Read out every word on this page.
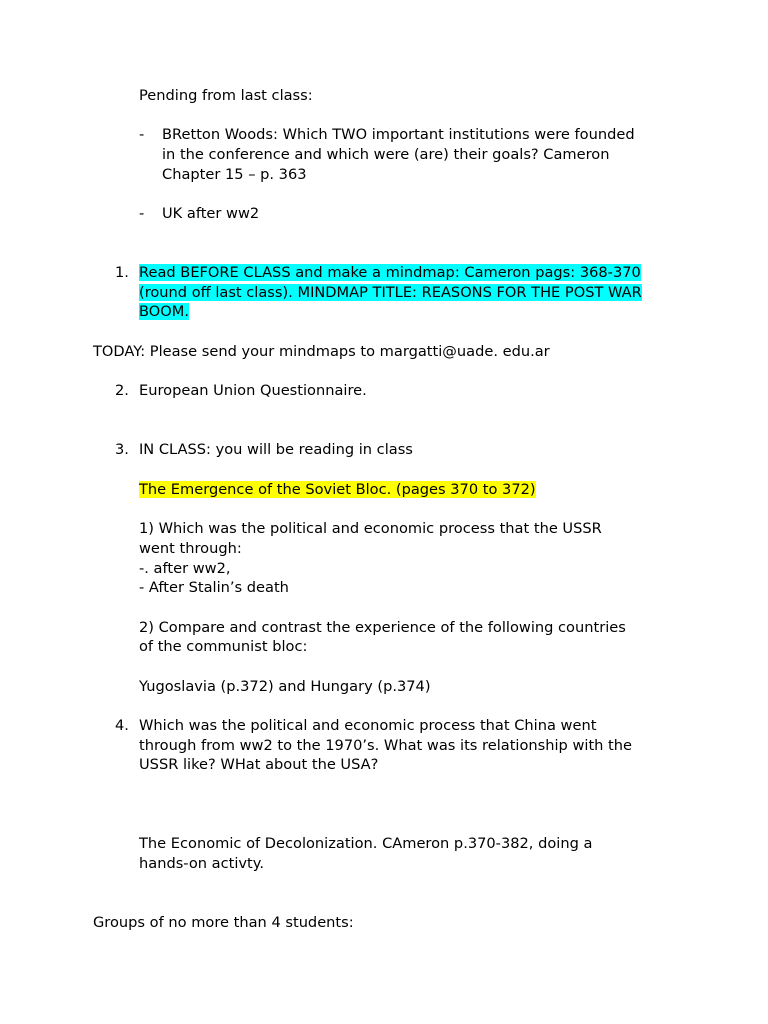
Pending from last class:
- BRetton Woods: Which TWO important institutions were founded
in the conference and which were (are) their goals? Cameron
Chapter 15 – p. 363
- UK after ww2
1. Read BEFORE CLASS and make a mindmap: Cameron pags: 368-370
(round off last class). MINDMAP TITLE: REASONS FOR THE POST WAR
BOOM.
TODAY: Please send your mindmaps to margatti@uade. edu.ar
2. European Union Questionnaire.
3. IN CLASS: you will be reading in class
The Emergence of the Soviet Bloc. (pages 370 to 372)
1) Which was the political and economic process that the USSR
went through:
-. after ww2,
- After Stalin’s death
2) Compare and contrast the experience of the following countries
of the communist bloc:
Yugoslavia (p.372) and Hungary (p.374)
4. Which was the political and economic process that China went
through from ww2 to the 1970’s. What was its relationship with the
USSR like? WHat about the USA?
The Economic of Decolonization. CAmeron p.370-382, doing a
hands-on activty.
Groups of no more than 4 students:
